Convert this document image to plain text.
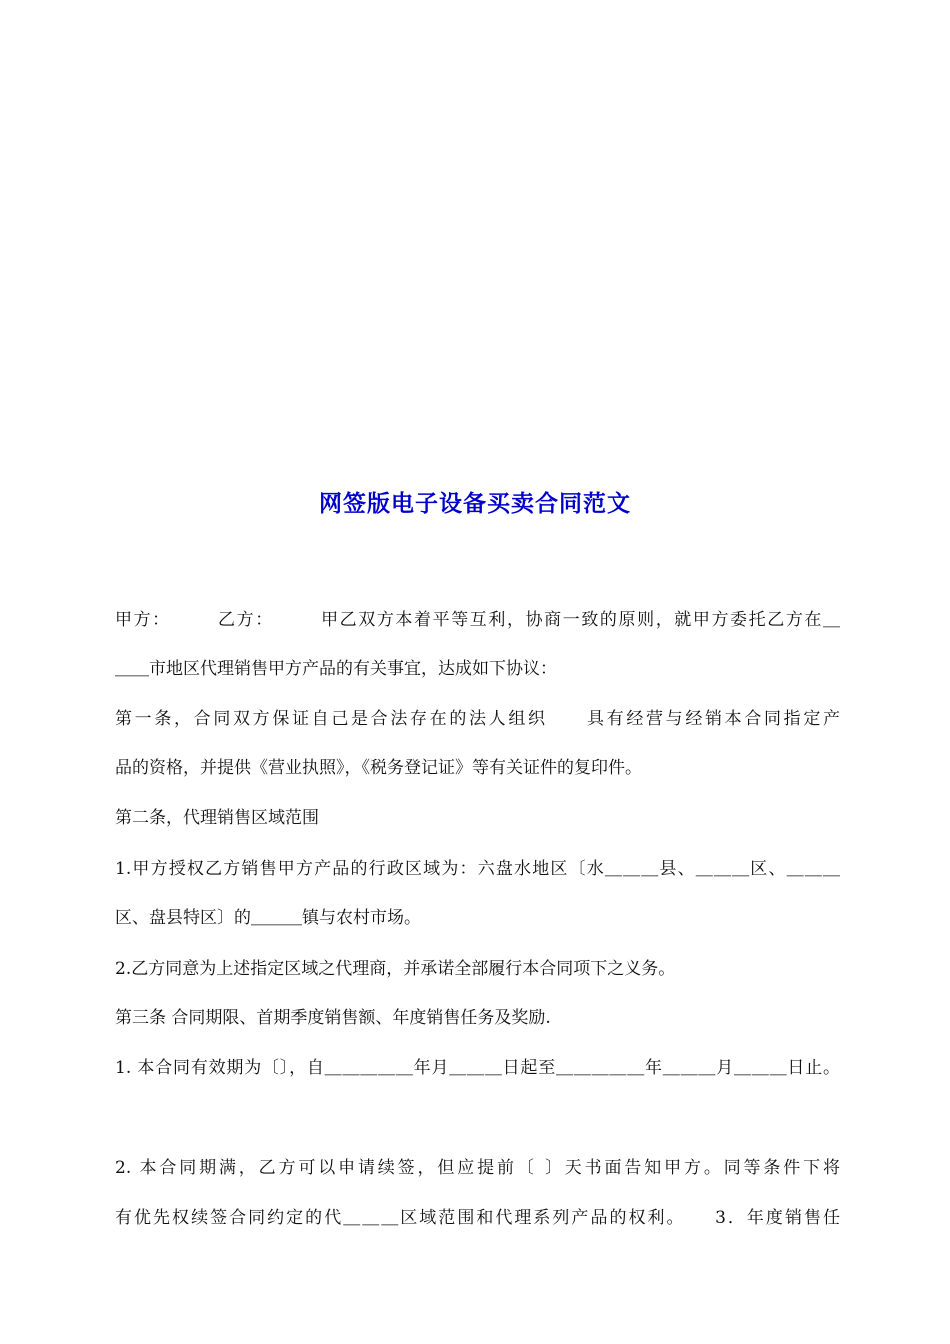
网签版电子设备买卖合同范文
甲方：　　　乙方：　　　甲乙双方本着平等互利，协商一致的原则，就甲方委托乙方在＿
＿＿市地区代理销售甲方产品的有关事宜，达成如下协议：
第一条，合同双方保证自己是合法存在的法人组织　　具有经营与经销本合同指定产
品的资格，并提供《营业执照》，《税务登记证》等有关证件的复印件。
第二条，代理销售区域范围
1.甲方授权乙方销售甲方产品的行政区域为：六盘水地区〔水＿＿＿县、＿＿＿区、＿＿＿
区、盘县特区〕的＿＿＿镇与农村市场。
2.乙方同意为上述指定区域之代理商，并承诺全部履行本合同项下之义务。
第三条 合同期限、首期季度销售额、年度销售任务及奖励.
1. 本合同有效期为〔〕，自＿＿＿＿＿年月＿＿＿日起至＿＿＿＿＿年＿＿＿月＿＿＿日止。
2. 本合同期满，乙方可以申请续签，但应提前〔 〕天书面告知甲方。同等条件下将
有优先权续签合同约定的代＿＿＿区域范围和代理系列产品的权利。　　3．年度销售任
